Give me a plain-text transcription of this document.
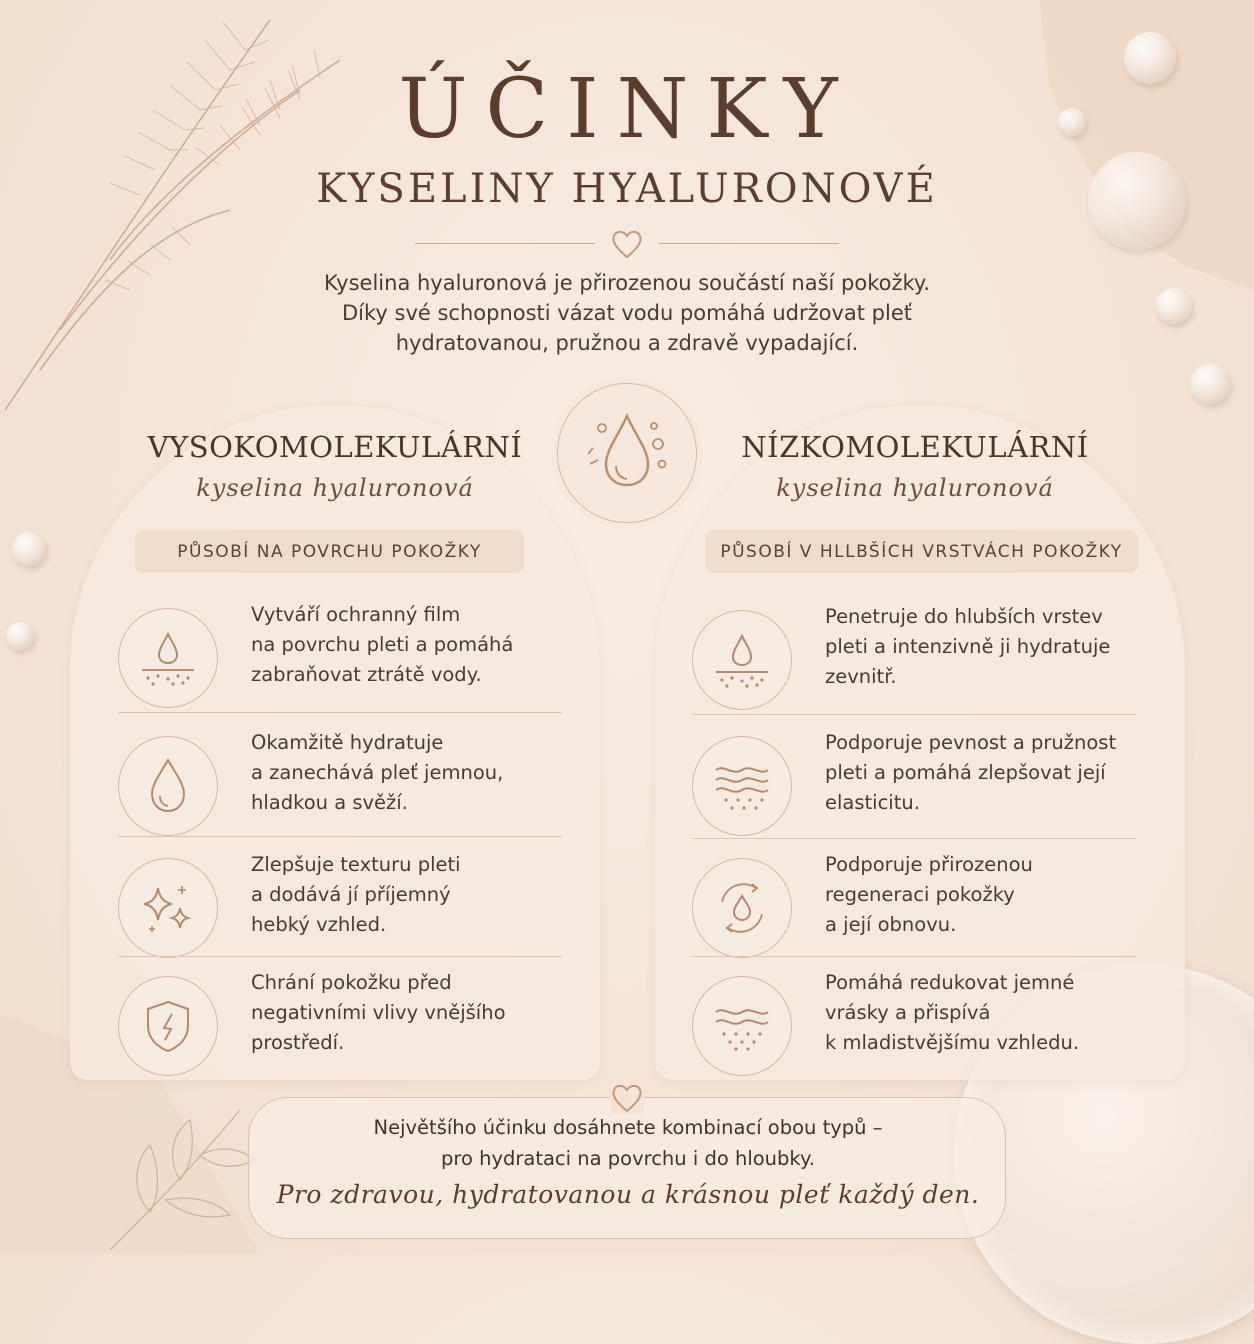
ÚČINKY
KYSELINY HYALURONOVÉ
Kyselina hyaluronová je přirozenou součástí naší pokožky.
Díky své schopnosti vázat vodu pomáhá udržovat pleť
hydratovanou, pružnou a zdravě vypadající.
VYSOKOMOLEKULÁRNÍ
kyselina hyaluronová
PŮSOBÍ NA POVRCHU POKOŽKY
Vytváří ochranný film
na povrchu pleti a pomáhá
zabraňovat ztrátě vody.
Okamžitě hydratuje
a zanechává pleť jemnou,
hladkou a svěží.
Zlepšuje texturu pleti
a dodává jí příjemný
hebký vzhled.
Chrání pokožku před
negativními vlivy vnějšího
prostředí.
NÍZKOMOLEKULÁRNÍ
kyselina hyaluronová
PŮSOBÍ V HLLBŠÍCH VRSTVÁCH POKOŽKY
Penetruje do hlubších vrstev
pleti a intenzivně ji hydratuje
zevnitř.
Podporuje pevnost a pružnost
pleti a pomáhá zlepšovat její
elasticitu.
Podporuje přirozenou
regeneraci pokožky
a její obnovu.
Pomáhá redukovat jemné
vrásky a přispívá
k mladistvějšímu vzhledu.
Největšího účinku dosáhnete kombinací obou typů –
pro hydrataci na povrchu i do hloubky.
Pro zdravou, hydratovanou a krásnou pleť každý den.
